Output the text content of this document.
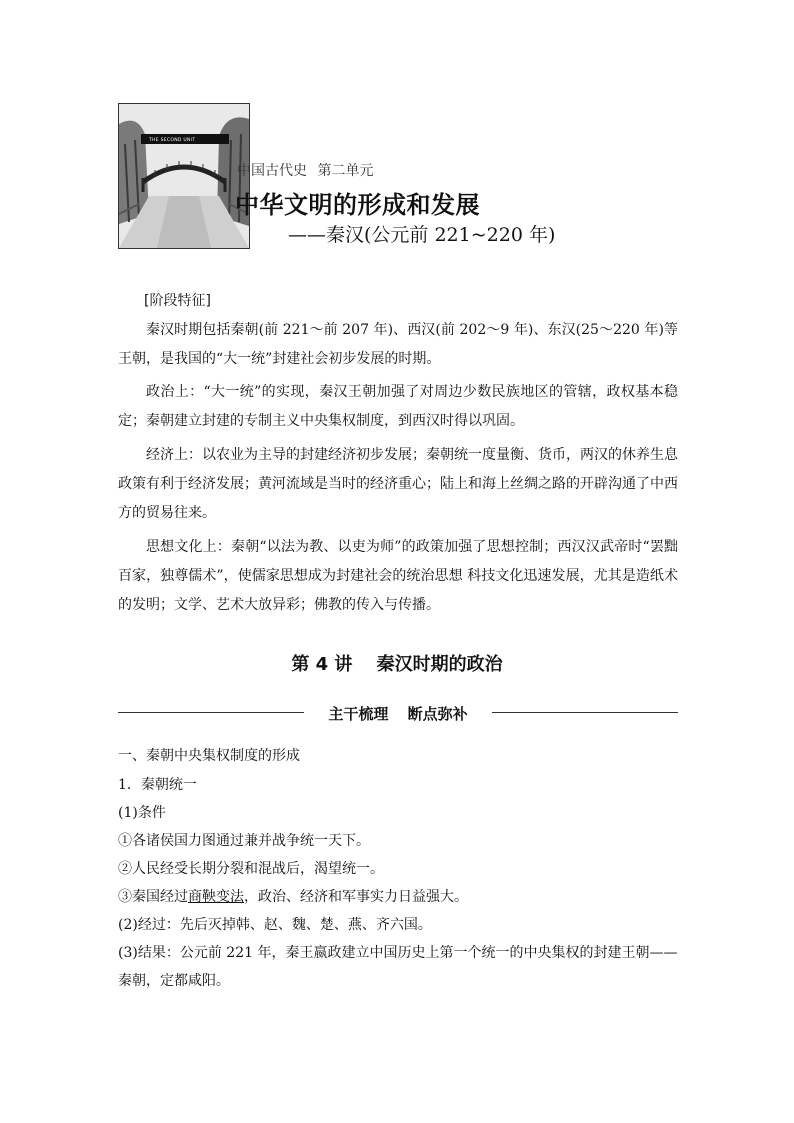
THE SECOND UNIT
中国古代史 第二单元
中华文明的形成和发展
——秦汉(公元前 221~220 年)
[阶段特征]
秦汉时期包括秦朝(前 221～前 207 年)、西汉(前 202～9 年)、东汉(25～220 年)等王朝，是我国的“大一统”封建社会初步发展的时期。
政治上：“大一统”的实现，秦汉王朝加强了对周边少数民族地区的管辖，政权基本稳定；秦朝建立封建的专制主义中央集权制度，到西汉时得以巩固。
经济上：以农业为主导的封建经济初步发展；秦朝统一度量衡、货币，两汉的休养生息政策有利于经济发展；黄河流域是当时的经济重心；陆上和海上丝绸之路的开辟沟通了中西方的贸易往来。
思想文化上：秦朝“以法为教、以吏为师”的政策加强了思想控制；西汉汉武帝时“罢黜百家，独尊儒术”，使儒家思想成为封建社会的统治思想 科技文化迅速发展，尤其是造纸术的发明；文学、艺术大放异彩；佛教的传入与传播。
第 4 讲 秦汉时期的政治
主干梳理 断点弥补
一、秦朝中央集权制度的形成
1．秦朝统一
(1)条件
①各诸侯国力图通过兼并战争统一天下。
②人民经受长期分裂和混战后，渴望统一。
③秦国经过商鞅变法，政治、经济和军事实力日益强大。
(2)经过：先后灭掉韩、赵、魏、楚、燕、齐六国。
(3)结果：公元前 221 年，秦王嬴政建立中国历史上第一个统一的中央集权的封建王朝——
秦朝，定都咸阳。
